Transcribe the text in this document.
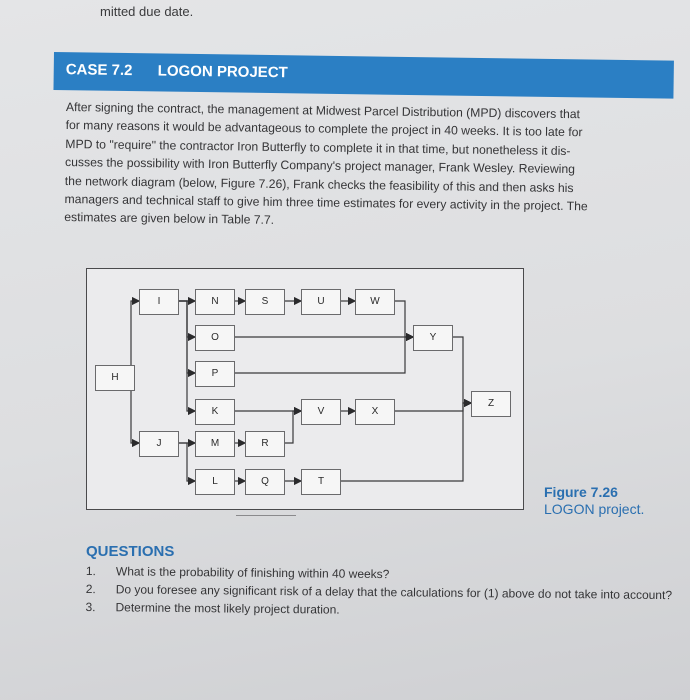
mitted due date.
CASE 7.2 LOGON PROJECT
After signing the contract, the management at Midwest Parcel Distribution (MPD) discovers that
for many reasons it would be advantageous to complete the project in 40 weeks. It is too late for
MPD to "require" the contractor Iron Butterfly to complete it in that time, but nonetheless it dis-
cusses the possibility with Iron Butterfly Company's project manager, Frank Wesley. Reviewing
the network diagram (below, Figure 7.26), Frank checks the feasibility of this and then asks his
managers and technical staff to give him three time estimates for every activity in the project. The
estimates are given below in Table 7.7.
H
I
J
N
O
P
K
M
L
S
R
Q
U
V
T
W
X
Y
Z
Figure 7.26
LOGON project.
QUESTIONS
1. What is the probability of finishing within 40 weeks?
2. Do you foresee any significant risk of a delay that the calculations for (1) above do not take into account?
3. Determine the most likely project duration.
